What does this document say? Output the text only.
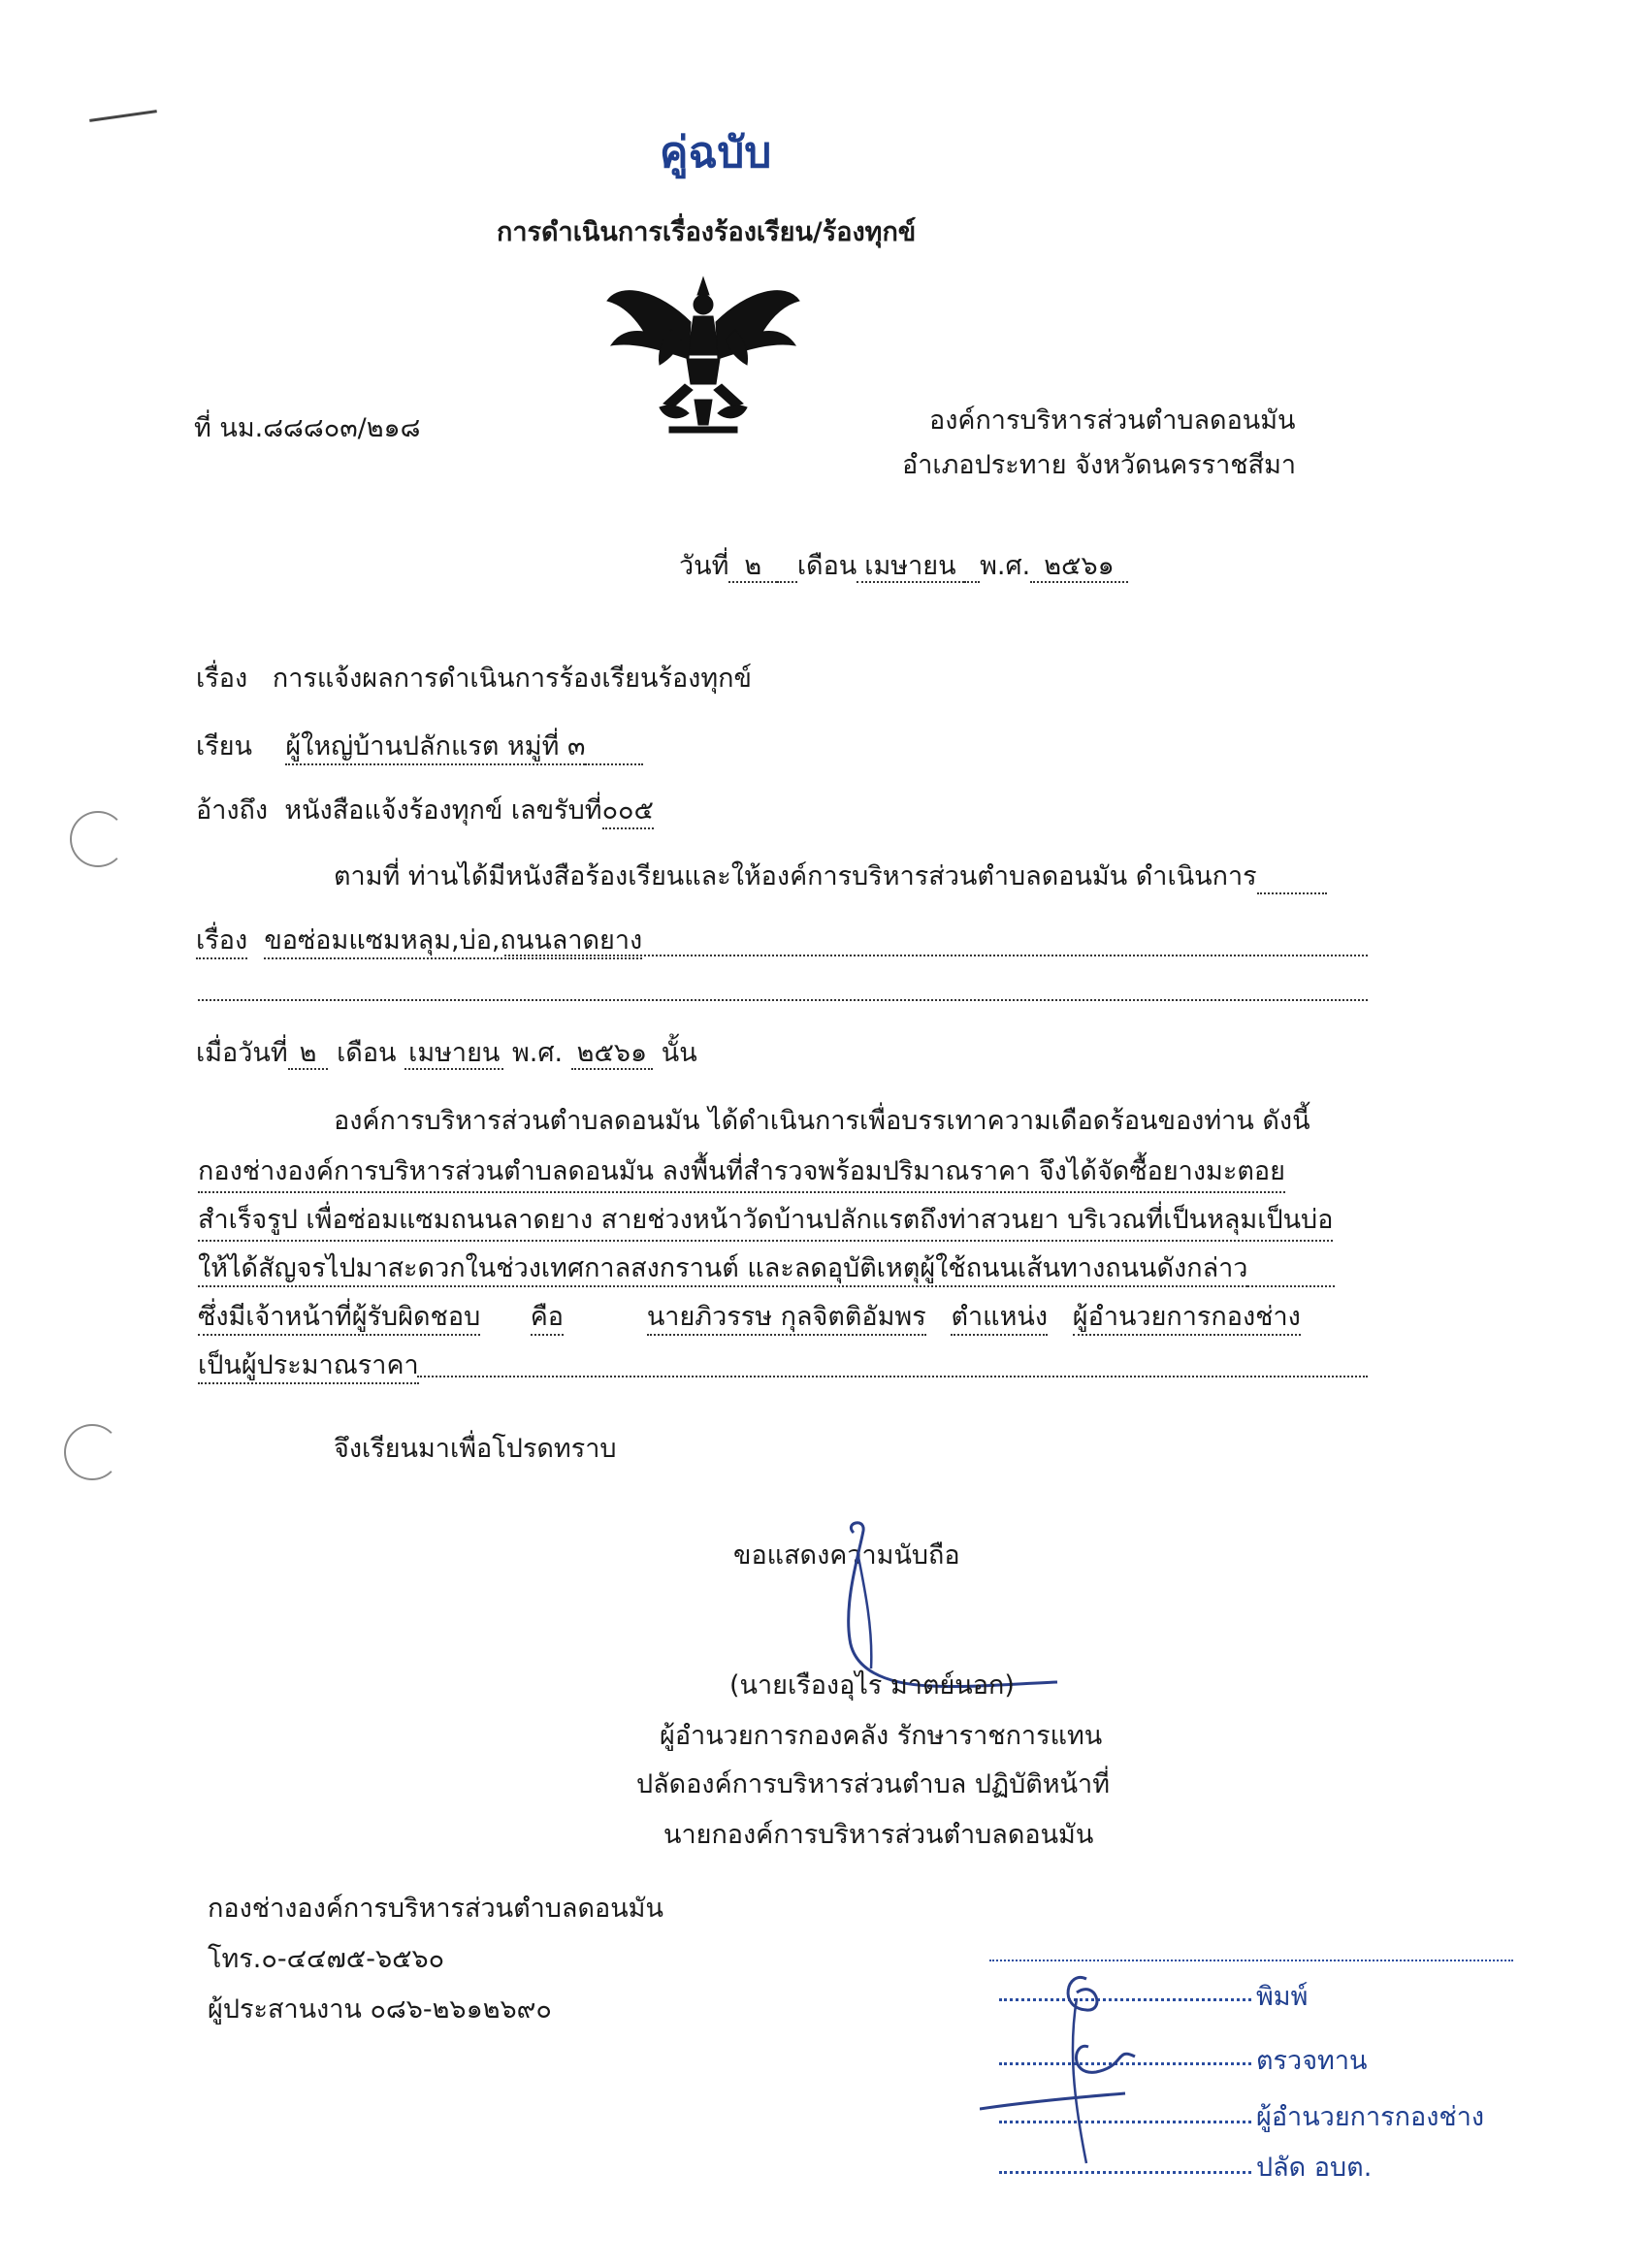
คู่ฉบับ
การดำเนินการเรื่องร้องเรียน/ร้องทุกข์
ที่ นม.๘๘๘๐๓/๒๑๘	องค์การบริหารส่วนตำบลดอนมัน
อำเภอประทาย จังหวัดนครราชสีมา
วันที่ ๒ เดือน เมษายน พ.ศ. ๒๕๖๑
เรื่อง การแจ้งผลการดำเนินการร้องเรียนร้องทุกข์
เรียน ผู้ใหญ่บ้านปลักแรต หมู่ที่ ๓
อ้างถึง หนังสือแจ้งร้องทุกข์ เลขรับที่๐๐๕
ตามที่ ท่านได้มีหนังสือร้องเรียนและให้องค์การบริหารส่วนตำบลดอนมัน ดำเนินการ
เรื่อง ขอซ่อมแซมหลุม,บ่อ,ถนนลาดยาง
เมื่อวันที่ ๒ เดือน เมษายน พ.ศ. ๒๕๖๑ นั้น
องค์การบริหารส่วนตำบลดอนมัน ได้ดำเนินการเพื่อบรรเทาความเดือดร้อนของท่าน ดังนี้
กองช่างองค์การบริหารส่วนตำบลดอนมัน ลงพื้นที่สำรวจพร้อมปริมาณราคา จึงได้จัดซื้อยางมะตอย
สำเร็จรูป เพื่อซ่อมแซมถนนลาดยาง สายช่วงหน้าวัดบ้านปลักแรตถึงท่าสวนยา บริเวณที่เป็นหลุมเป็นบ่อ
ให้ได้สัญจรไปมาสะดวกในช่วงเทศกาลสงกรานต์ และลดอุบัติเหตุผู้ใช้ถนนเส้นทางถนนดังกล่าว
ซึ่งมีเจ้าหน้าที่ผู้รับผิดชอบ คือ	นายภิวรรษ กุลจิตติอัมพร ตำแหน่ง ผู้อำนวยการกองช่าง
เป็นผู้ประมาณราคา
จึงเรียนมาเพื่อโปรดทราบ
ขอแสดงความนับถือ
(นายเรืองอุไร มาตย์นอก)
ผู้อำนวยการกองคลัง รักษาราชการแทน
ปลัดองค์การบริหารส่วนตำบล ปฏิบัติหน้าที่
นายกองค์การบริหารส่วนตำบลดอนมัน
กองช่างองค์การบริหารส่วนตำบลดอนมัน
โทร.๐-๔๔๗๕-๖๕๖๐
ผู้ประสานงาน ๐๘๖-๒๖๑๒๖๙๐	พิมพ์
ตรวจทาน
ผู้อำนวยการกองช่าง
ปลัด อบต.
